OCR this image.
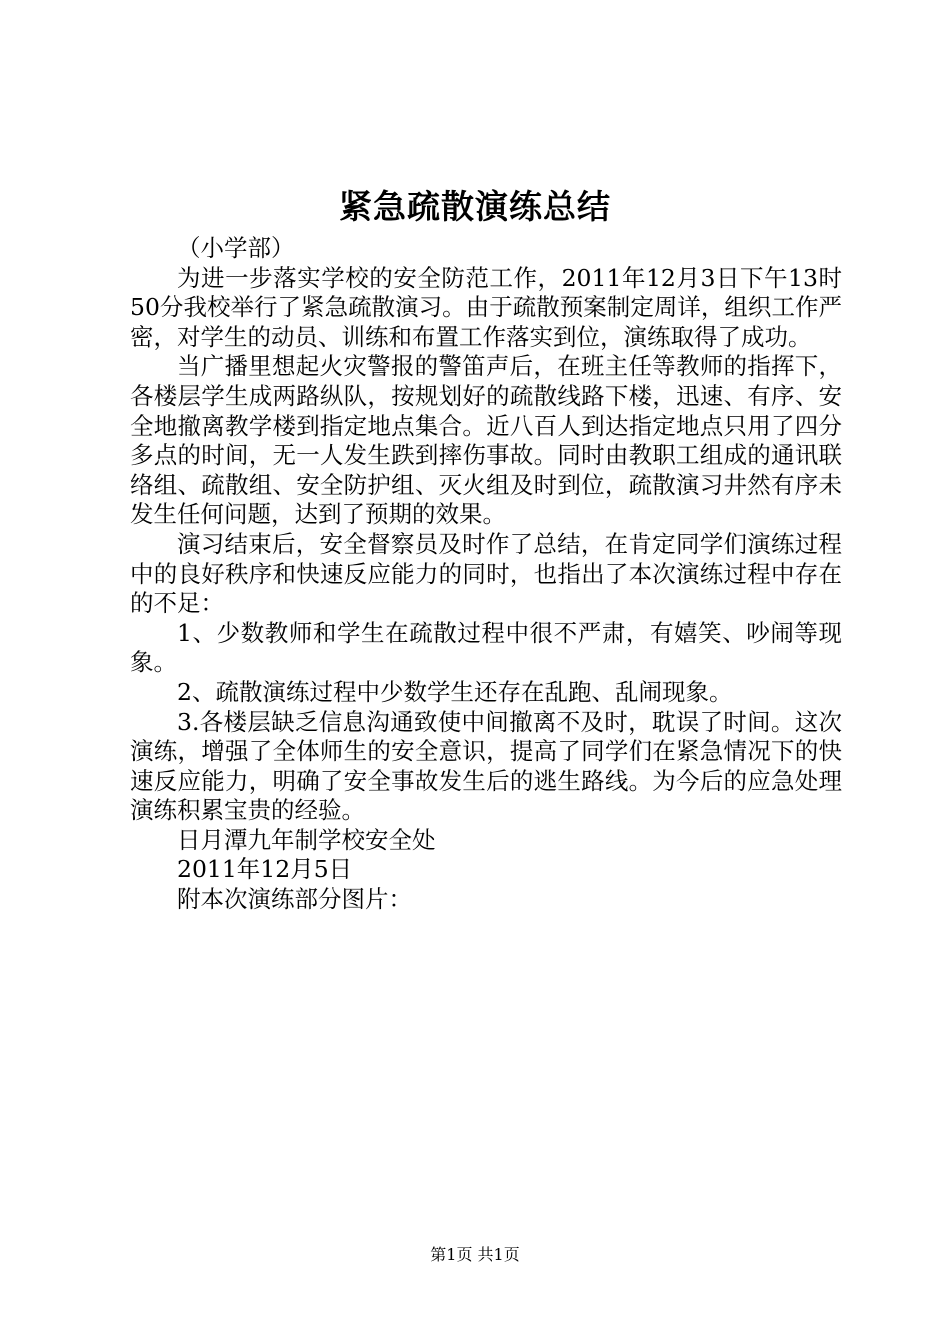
紧急疏散演练总结

（小学部）

为进一步落实学校的安全防范工作，2011年12月3日下午13时50分我校举行了紧急疏散演习。由于疏散预案制定周详，组织工作严密，对学生的动员、训练和布置工作落实到位，演练取得了成功。

当广播里想起火灾警报的警笛声后，在班主任等教师的指挥下，各楼层学生成两路纵队，按规划好的疏散线路下楼，迅速、有序、安全地撤离教学楼到指定地点集合。近八百人到达指定地点只用了四分多点的时间，无一人发生跌到摔伤事故。同时由教职工组成的通讯联络组、疏散组、安全防护组、灭火组及时到位，疏散演习井然有序未发生任何问题，达到了预期的效果。

演习结束后，安全督察员及时作了总结，在肯定同学们演练过程中的良好秩序和快速反应能力的同时，也指出了本次演练过程中存在的不足：

1、少数教师和学生在疏散过程中很不严肃，有嬉笑、吵闹等现象。

2、疏散演练过程中少数学生还存在乱跑、乱闹现象。

3.各楼层缺乏信息沟通致使中间撤离不及时，耽误了时间。这次演练，增强了全体师生的安全意识，提高了同学们在紧急情况下的快速反应能力，明确了安全事故发生后的逃生路线。为今后的应急处理演练积累宝贵的经验。

日月潭九年制学校安全处

2011年12月5日

附本次演练部分图片：

第1页 共1页
